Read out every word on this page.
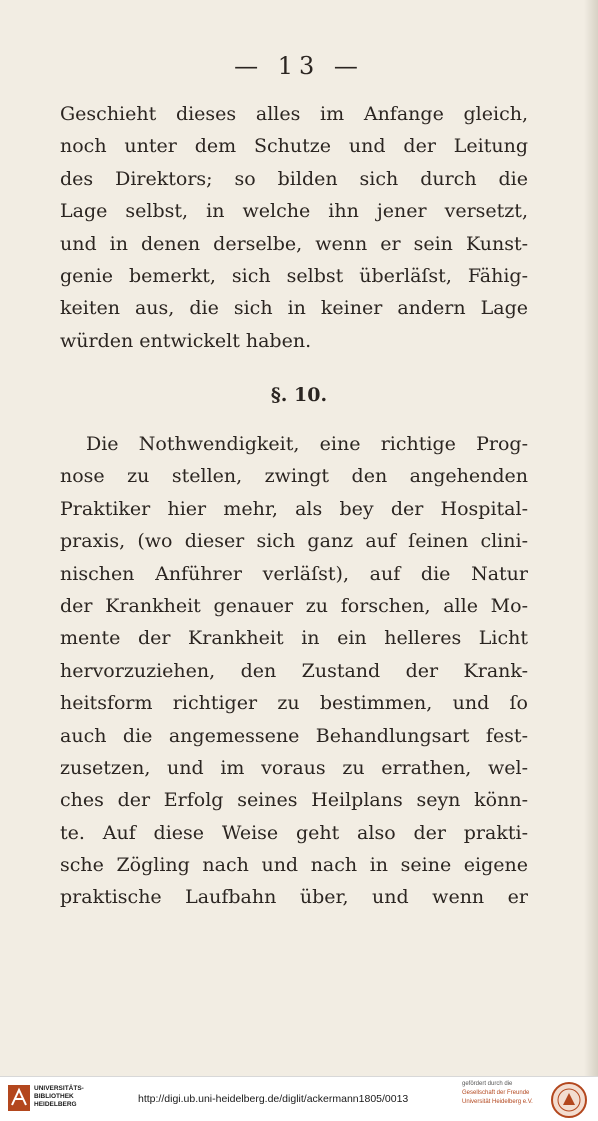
— 13 —
Geschieht dieses alles im Anfange gleich,
noch unter dem Schutze und der Leitung
des Direktors; so bilden sich durch die
Lage selbst, in welche ihn jener versetzt,
und in denen derselbe, wenn er sein Kunst-
genie bemerkt, sich selbst überläſst, Fähig-
keiten aus, die sich in keiner andern Lage
würden entwickelt haben.
§. 10.
Die Nothwendigkeit, eine richtige Prog-
nose zu stellen, zwingt den angehenden
Praktiker hier mehr, als bey der Hospital-
praxis, (wo dieser sich ganz auf ſeinen clini-
nischen Anführer verläſst), auf die Natur
der Krankheit genauer zu forschen, alle Mo-
mente der Krankheit in ein helleres Licht
hervorzuziehen, den Zustand der Krank-
heitsform richtiger zu bestimmen, und ſo
auch die angemessene Behandlungsart fest-
zusetzen, und im voraus zu errathen, wel-
ches der Erfolg seines Heilplans seyn könn-
te. Auf diese Weise geht also der prakti-
sche Zögling nach und nach in seine eigene
praktische Laufbahn über, und wenn er
UNIVERSITÄTS-
BIBLIOTHEK
HEIDELBERG	http://digi.ub.uni-heidelberg.de/diglit/ackermann1805/0013
gefördert durch die
Gesellschaft der Freunde
Universität Heidelberg e.V.
